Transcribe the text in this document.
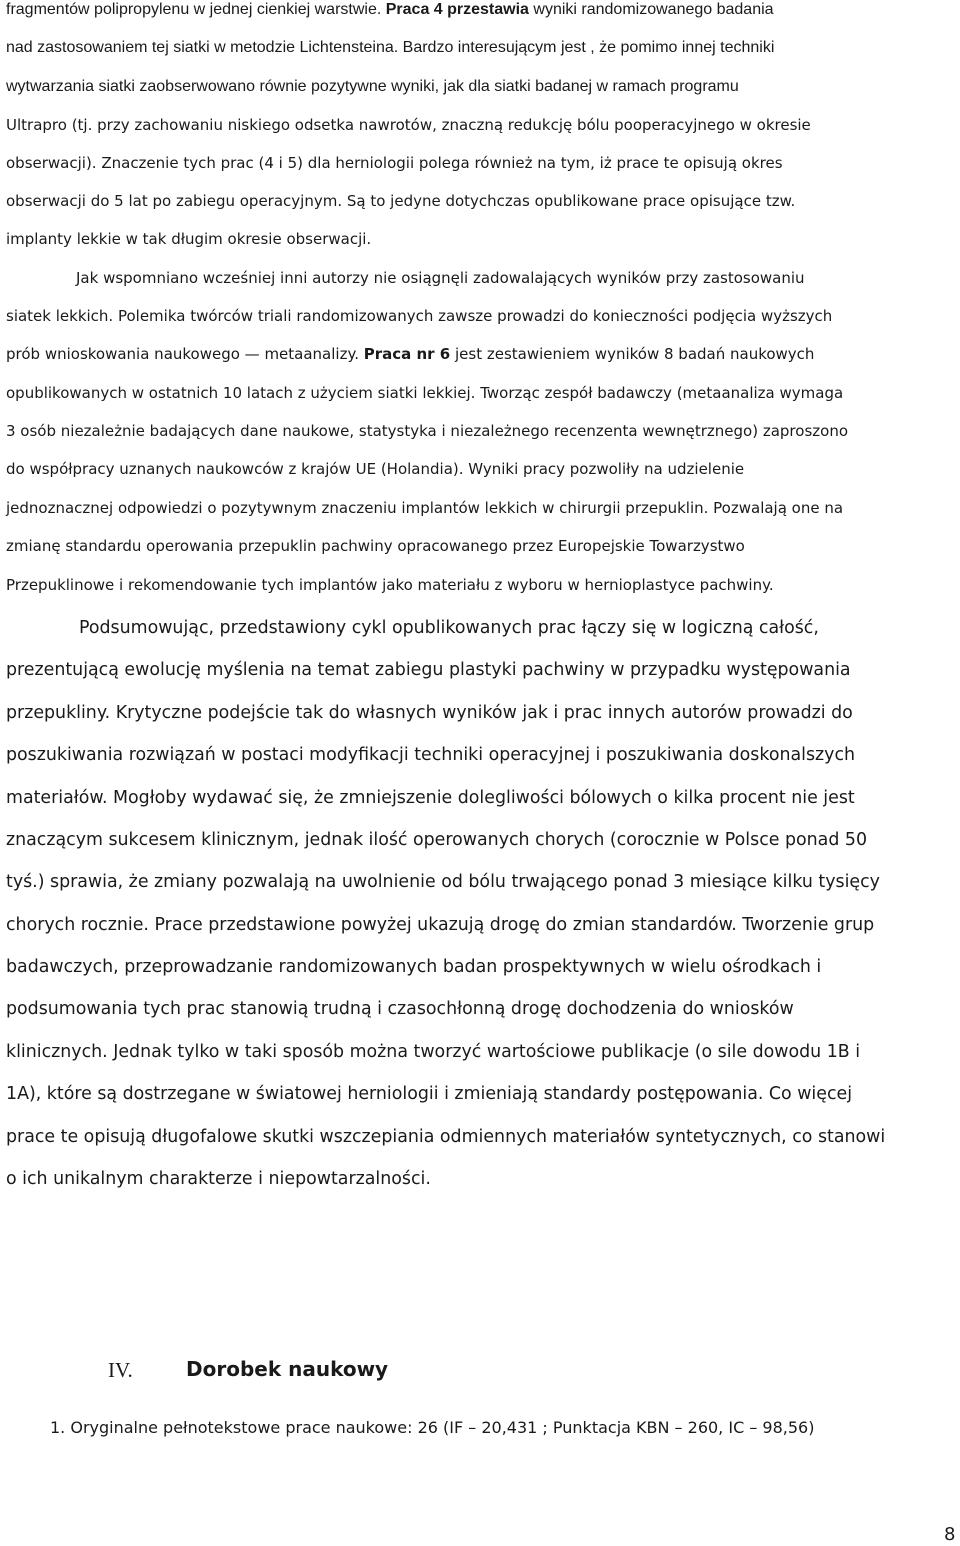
fragmentów polipropylenu w jednej cienkiej warstwie. Praca 4 przestawia wyniki randomizowanego badania
nad zastosowaniem tej siatki w metodzie Lichtensteina. Bardzo interesującym jest , że pomimo innej techniki
wytwarzania siatki zaobserwowano równie pozytywne wyniki, jak dla siatki badanej w ramach programu
Ultrapro (tj. przy zachowaniu niskiego odsetka nawrotów, znaczną redukcję bólu pooperacyjnego w okresie
obserwacji). Znaczenie tych prac (4 i 5) dla herniologii polega również na tym, iż prace te opisują okres
obserwacji do 5 lat po zabiegu operacyjnym. Są to jedyne dotychczas opublikowane prace opisujące tzw.
implanty lekkie w tak długim okresie obserwacji.
Jak wspomniano wcześniej inni autorzy nie osiągnęli zadowalających wyników przy zastosowaniu
siatek lekkich. Polemika twórców triali randomizowanych zawsze prowadzi do konieczności podjęcia wyższych
prób wnioskowania naukowego — metaanalizy. Praca nr 6 jest zestawieniem wyników 8 badań naukowych
opublikowanych w ostatnich 10 latach z użyciem siatki lekkiej. Tworząc zespół badawczy (metaanaliza wymaga
3 osób niezależnie badających dane naukowe, statystyka i niezależnego recenzenta wewnętrznego) zaproszono
do współpracy uznanych naukowców z krajów UE (Holandia). Wyniki pracy pozwoliły na udzielenie
jednoznacznej odpowiedzi o pozytywnym znaczeniu implantów lekkich w chirurgii przepuklin. Pozwalają one na
zmianę standardu operowania przepuklin pachwiny opracowanego przez Europejskie Towarzystwo
Przepuklinowe i rekomendowanie tych implantów jako materiału z wyboru w hernioplastyce pachwiny.
Podsumowując, przedstawiony cykl opublikowanych prac łączy się w logiczną całość,
prezentującą ewolucję myślenia na temat zabiegu plastyki pachwiny w przypadku występowania
przepukliny. Krytyczne podejście tak do własnych wyników jak i prac innych autorów prowadzi do
poszukiwania rozwiązań w postaci modyfikacji techniki operacyjnej i poszukiwania doskonalszych
materiałów. Mogłoby wydawać się, że zmniejszenie dolegliwości bólowych o kilka procent nie jest
znaczącym sukcesem klinicznym, jednak ilość operowanych chorych (corocznie w Polsce ponad 50
tyś.) sprawia, że zmiany pozwalają na uwolnienie od bólu trwającego ponad 3 miesiące kilku tysięcy
chorych rocznie. Prace przedstawione powyżej ukazują drogę do zmian standardów. Tworzenie grup
badawczych, przeprowadzanie randomizowanych badan prospektywnych w wielu ośrodkach i
podsumowania tych prac stanowią trudną i czasochłonną drogę dochodzenia do wniosków
klinicznych. Jednak tylko w taki sposób można tworzyć wartościowe publikacje (o sile dowodu 1B i
1A), które są dostrzegane w światowej herniologii i zmieniają standardy postępowania. Co więcej
prace te opisują długofalowe skutki wszczepiania odmiennych materiałów syntetycznych, co stanowi
o ich unikalnym charakterze i niepowtarzalności.
IV.	Dorobek naukowy
1. Oryginalne pełnotekstowe prace naukowe: 26 (IF – 20,431 ; Punktacja KBN – 260, IC – 98,56)
8
